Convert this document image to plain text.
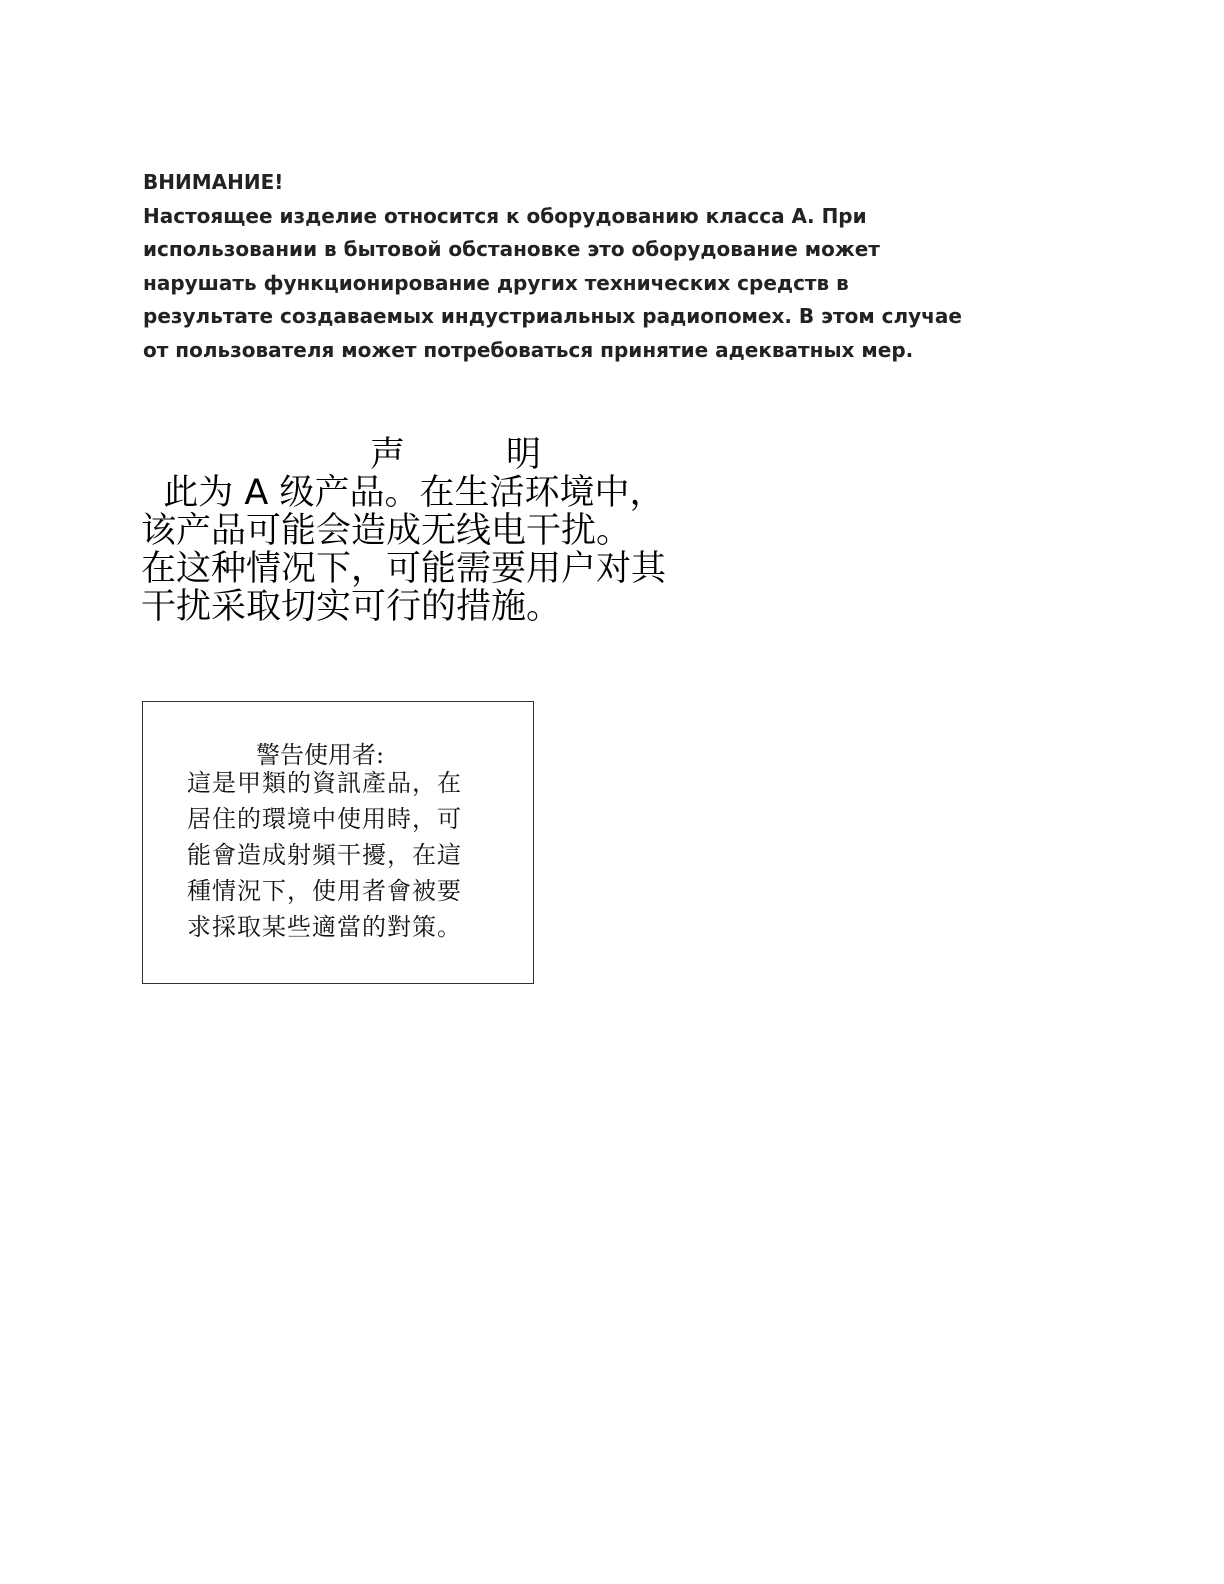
ВНИМАНИЕ!
Настоящее изделие относится к оборудованию класса А. При
использовании в бытовой обстановке это оборудование может
нарушать функционирование других технических средств в
результате создаваемых индустриальных радиопомех. В этом случае
от пользователя может потребоваться принятие адекватных мер.
声	明
此为 A 级产品。在生活环境中，
该产品可能会造成无线电干扰。
在这种情况下，可能需要用户对其
干扰采取切实可行的措施。
警告使用者:
這是甲類的資訊產品，在
居住的環境中使用時，可
能會造成射頻干擾，在這
種情況下，使用者會被要
求採取某些適當的對策。
